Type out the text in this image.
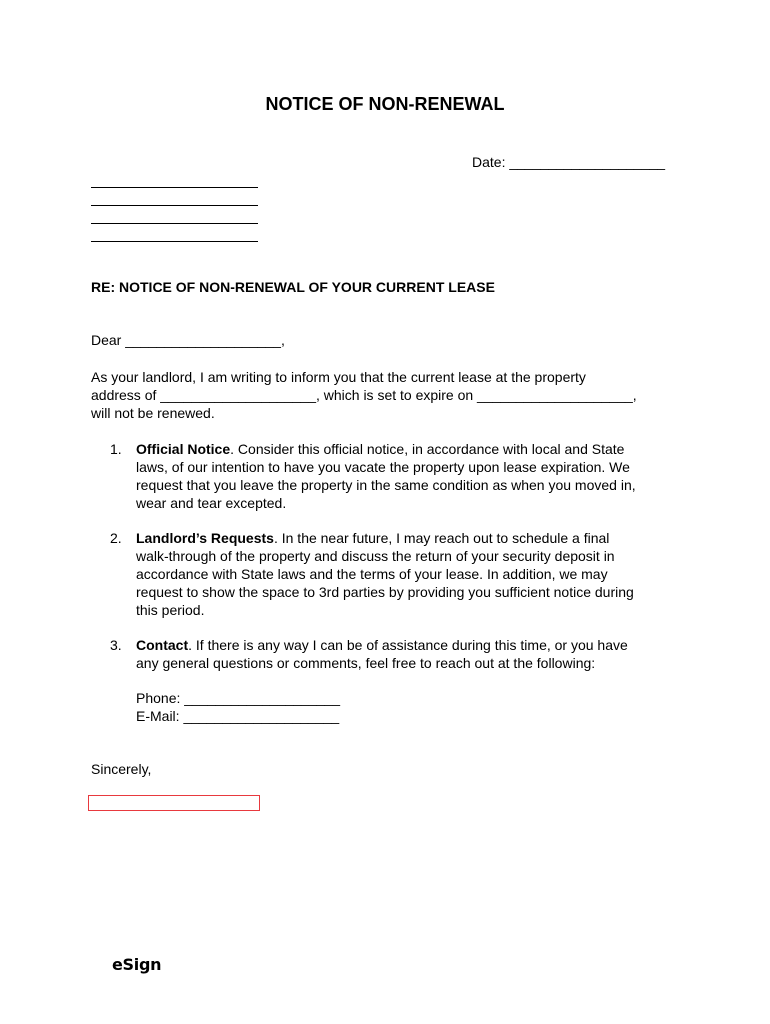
NOTICE OF NON-RENEWAL
Date: ____________________
RE: NOTICE OF NON-RENEWAL OF YOUR CURRENT LEASE
Dear ____________________,
As your landlord, I am writing to inform you that the current lease at the property
address of ____________________, which is set to expire on ____________________,
will not be renewed.
1. Official Notice. Consider this official notice, in accordance with local and State
laws, of our intention to have you vacate the property upon lease expiration. We
request that you leave the property in the same condition as when you moved in,
wear and tear excepted.
2. Landlord’s Requests. In the near future, I may reach out to schedule a final
walk-through of the property and discuss the return of your security deposit in
accordance with State laws and the terms of your lease. In addition, we may
request to show the space to 3rd parties by providing you sufficient notice during
this period.
3. Contact. If there is any way I can be of assistance during this time, or you have
any general questions or comments, feel free to reach out at the following:
Phone: ____________________
E-Mail: ____________________
Sincerely,
eSign
